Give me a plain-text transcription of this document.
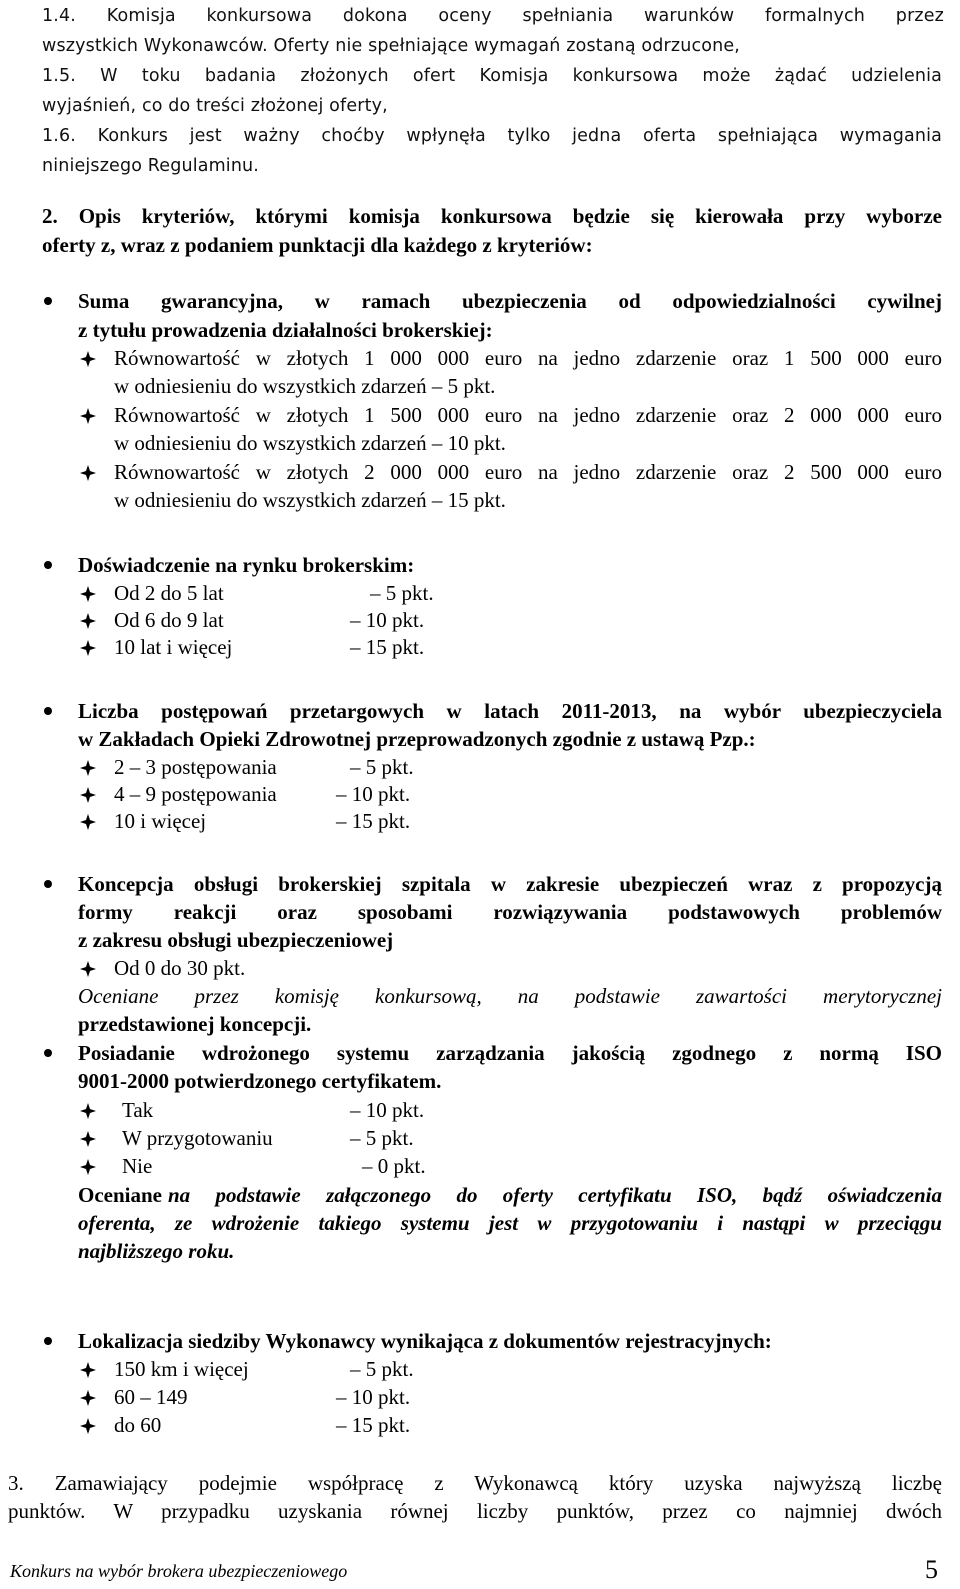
1.4. Komisja konkursowa dokona oceny spełniania warunków formalnych przez
wszystkich Wykonawców. Oferty nie spełniające wymagań zostaną odrzucone,
1.5. W toku badania złożonych ofert Komisja konkursowa może żądać udzielenia
wyjaśnień, co do treści złożonej oferty,
1.6. Konkurs jest ważny choćby wpłynęła tylko jedna oferta spełniająca wymagania
niniejszego Regulaminu.
2. Opis kryteriów, którymi komisja konkursowa będzie się kierowała przy wyborze
oferty z, wraz z podaniem punktacji dla każdego z kryteriów:
Suma gwarancyjna, w ramach ubezpieczenia od odpowiedzialności cywilnej
z tytułu prowadzenia działalności brokerskiej:
Równowartość w złotych 1 000 000 euro na jedno zdarzenie oraz 1 500 000 euro
w odniesieniu do wszystkich zdarzeń – 5 pkt.
Równowartość w złotych 1 500 000 euro na jedno zdarzenie oraz 2 000 000 euro
w odniesieniu do wszystkich zdarzeń – 10 pkt.
Równowartość w złotych 2 000 000 euro na jedno zdarzenie oraz 2 500 000 euro
w odniesieniu do wszystkich zdarzeń – 15 pkt.
Doświadczenie na rynku brokerskim:
Od 2 do 5 lat	– 5 pkt.
Od 6 do 9 lat	– 10 pkt.
10 lat i więcej	– 15 pkt.
Liczba postępowań przetargowych w latach 2011-2013, na wybór ubezpieczyciela
w Zakładach Opieki Zdrowotnej przeprowadzonych zgodnie z ustawą Pzp.:
2 – 3 postępowania	– 5 pkt.
4 – 9 postępowania	– 10 pkt.
10 i więcej	– 15 pkt.
Koncepcja obsługi brokerskiej szpitala w zakresie ubezpieczeń wraz z propozycją
formy reakcji oraz sposobami rozwiązywania podstawowych problemów
z zakresu obsługi ubezpieczeniowej
Od 0 do 30 pkt.
Oceniane przez komisję konkursową, na podstawie zawartości merytorycznej
przedstawionej koncepcji.
Posiadanie wdrożonego systemu zarządzania jakością zgodnego z normą ISO
9001-2000 potwierdzonego certyfikatem.
Tak	– 10 pkt.
W przygotowaniu	– 5 pkt.
Nie	– 0 pkt.
Oceniane na podstawie załączonego do oferty certyfikatu ISO, bądź oświadczenia
oferenta, ze wdrożenie takiego systemu jest w przygotowaniu i nastąpi w przeciągu
najbliższego roku.
Lokalizacja siedziby Wykonawcy wynikająca z dokumentów rejestracyjnych:
150 km i więcej	– 5 pkt.
60 – 149	– 10 pkt.
do 60	– 15 pkt.
3. Zamawiający podejmie współpracę z Wykonawcą który uzyska najwyższą liczbę
punktów. W przypadku uzyskania równej liczby punktów, przez co najmniej dwóch
Konkurs na wybór brokera ubezpieczeniowego	5
